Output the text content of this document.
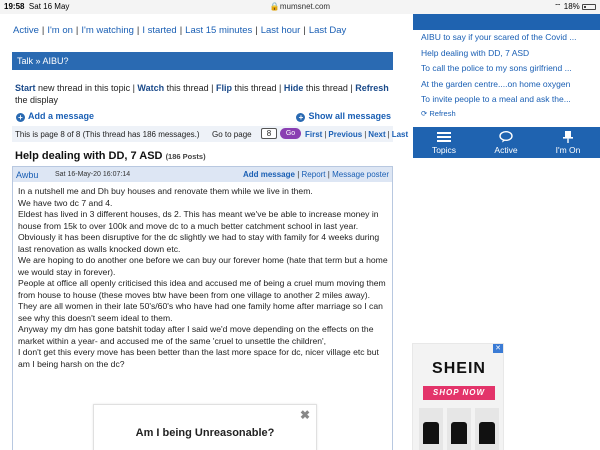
19:58 Sat 16 May	🔒mumsnet.com	⌔ 18%
Active | I'm on | I'm watching | I started | Last 15 minutes | Last hour | Last Day
Talk » AIBU?
Start new thread in this topic | Watch this thread | Flip this thread | Hide this thread | Refresh the display
+ Add a message	+ Show all messages
This is page 8 of 8 (This thread has 186 messages.) Go to page	8	Go	First | Previous | Next | Last
Help dealing with DD, 7 ASD (186 Posts)
Awbu Sat 16-May-20 16:07:14	Add message | Report | Message poster

In a nutshell me and Dh buy houses and renovate them while we live in them.

We have two dc 7 and 4.

Eldest has lived in 3 different houses, ds 2. This has meant we've be able to increase money in house from 15k to over 100k and move dc to a much better catchment school in last year.

Obviously it has been disruptive for the dc slightly we had to stay with family for 4 weeks during last renovation as walls knocked down etc.

We are hoping to do another one before we can buy our forever home (hate that term but a home we would stay in forever).

People at office all openly criticised this idea and accused me of being a cruel mum moving them from house to house (these moves btw have been from one village to another 2 miles away). They are all women in their late 50's/60's who have had one family home after marriage so I can see why this doesn't seem ideal to them.

Anyway my dm has gone batshit today after I said we'd move depending on the effects on the market within a year- and accused me of the same 'cruel to unsettle the children',

I don't get this every move has been better than the last more space for dc, nicer village etc but am I being harsh on the dc?

✖
Am I being Unreasonable?
AIBU to say if your scared of the Covid ...
Help dealing with DD, 7 ASD
To call the police to my sons girlfriend ...
At the garden centre....on home oxygen
To invite people to a meal and ask the...
⟳ Refresh
Topics	Active	I'm On
✕
SHEIN
SHOP NOW
